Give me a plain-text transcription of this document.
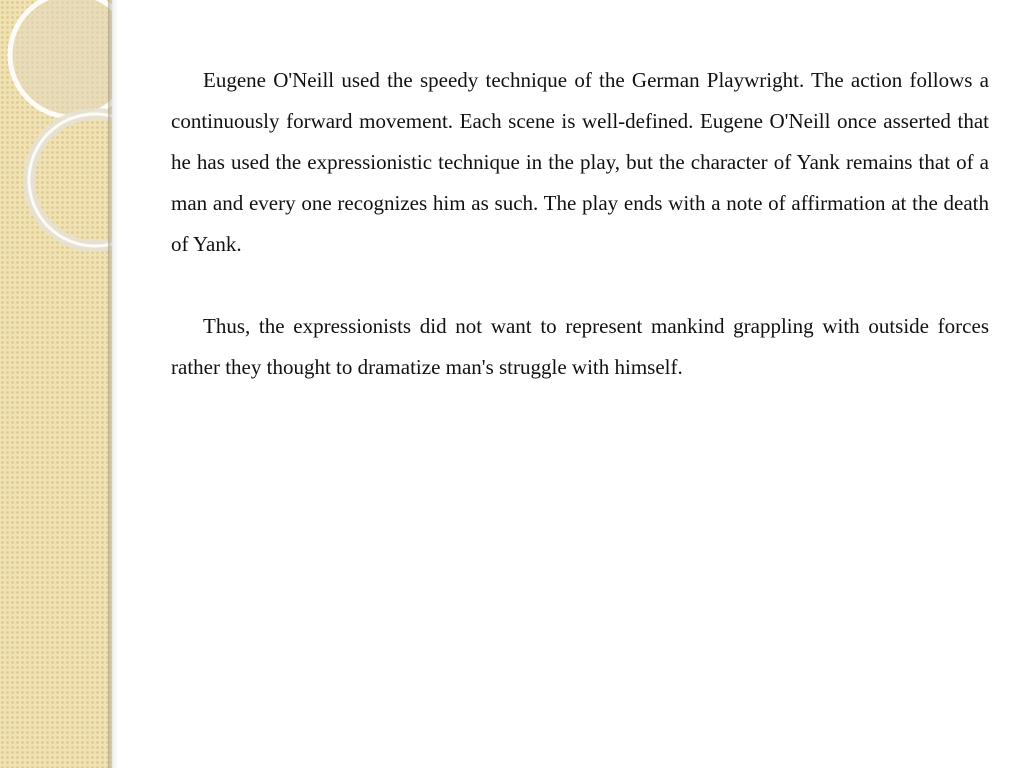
Eugene O'Neill used the speedy technique of the German Playwright. The action follows a continuously forward movement. Each scene is well-defined. Eugene O'Neill once asserted that he has used the expressionistic technique in the play, but the character of Yank remains that of a man and every one recognizes him as such. The play ends with a note of affirmation at the death of Yank.

Thus, the expressionists did not want to represent mankind grappling with outside forces rather they thought to dramatize man's struggle with himself.
